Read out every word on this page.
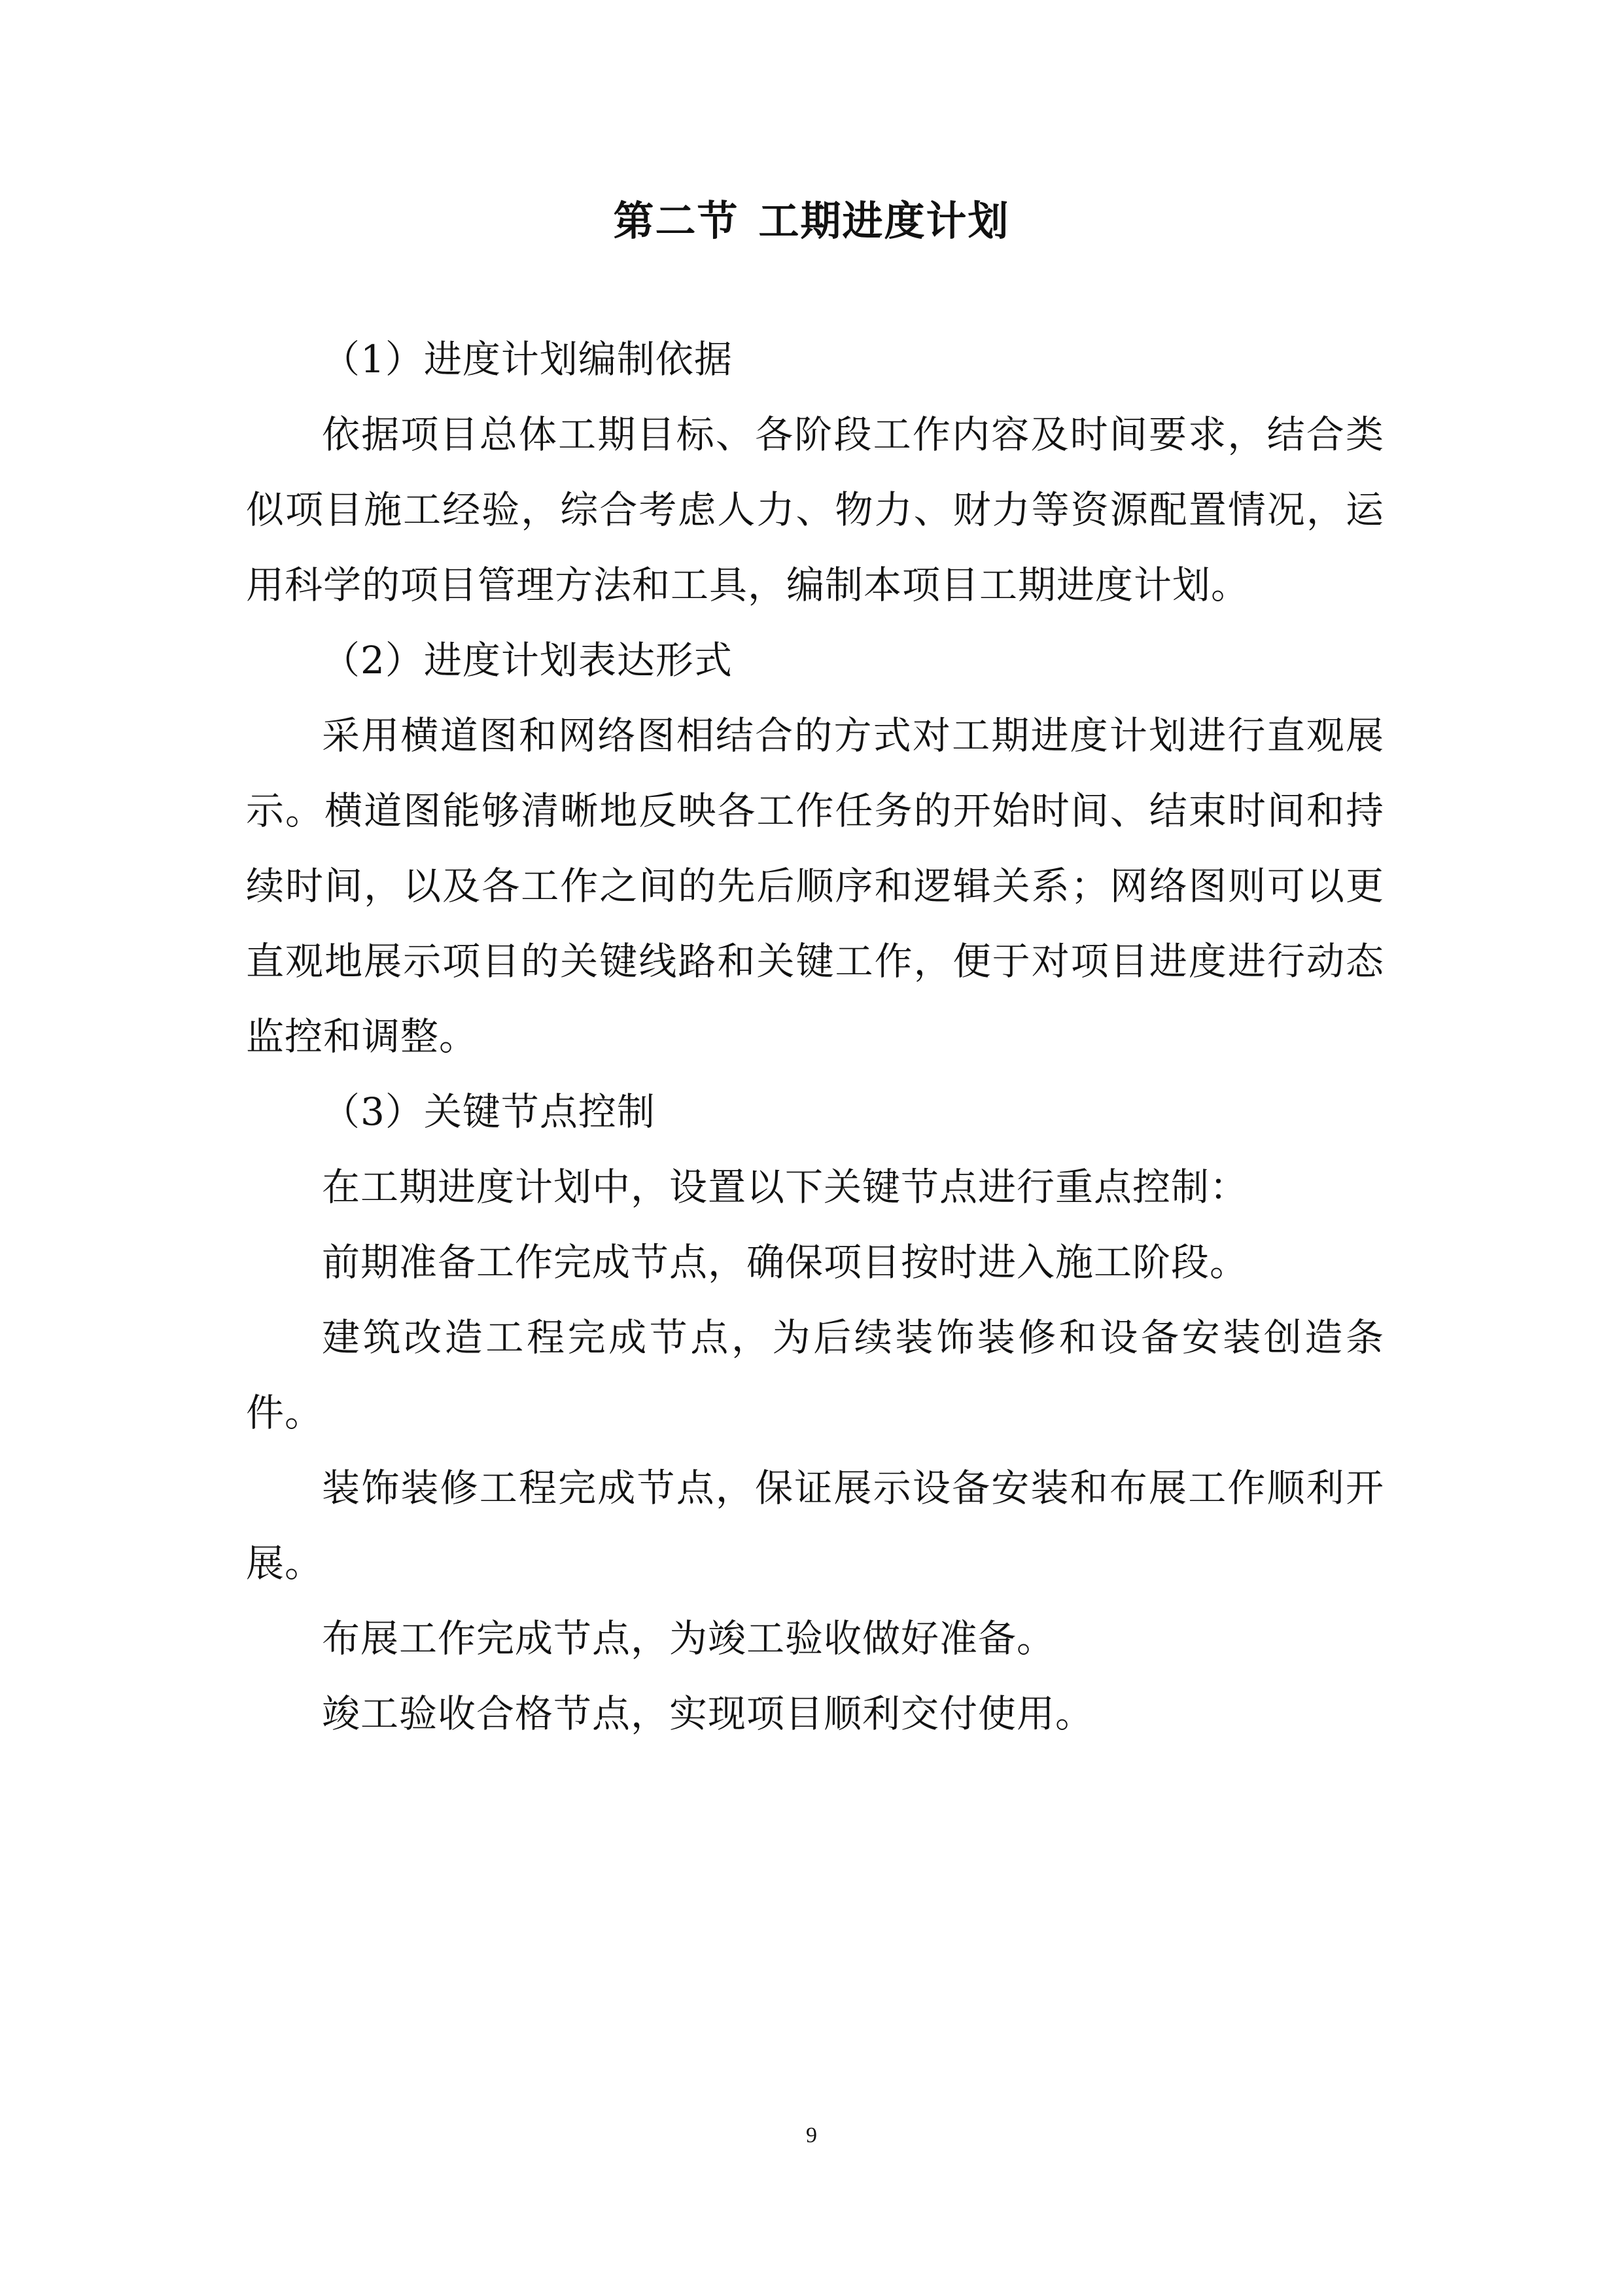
第二节 工期进度计划

（1）进度计划编制依据

依据项目总体工期目标、各阶段工作内容及时间要求，结合类似项目施工经验，综合考虑人力、物力、财力等资源配置情况，运用科学的项目管理方法和工具，编制本项目工期进度计划。

（2）进度计划表达形式

采用横道图和网络图相结合的方式对工期进度计划进行直观展示。横道图能够清晰地反映各工作任务的开始时间、结束时间和持续时间，以及各工作之间的先后顺序和逻辑关系；网络图则可以更直观地展示项目的关键线路和关键工作，便于对项目进度进行动态监控和调整。

（3）关键节点控制

在工期进度计划中，设置以下关键节点进行重点控制：

前期准备工作完成节点，确保项目按时进入施工阶段。

建筑改造工程完成节点，为后续装饰装修和设备安装创造条件。

装饰装修工程完成节点，保证展示设备安装和布展工作顺利开展。

布展工作完成节点，为竣工验收做好准备。

竣工验收合格节点，实现项目顺利交付使用。

9
